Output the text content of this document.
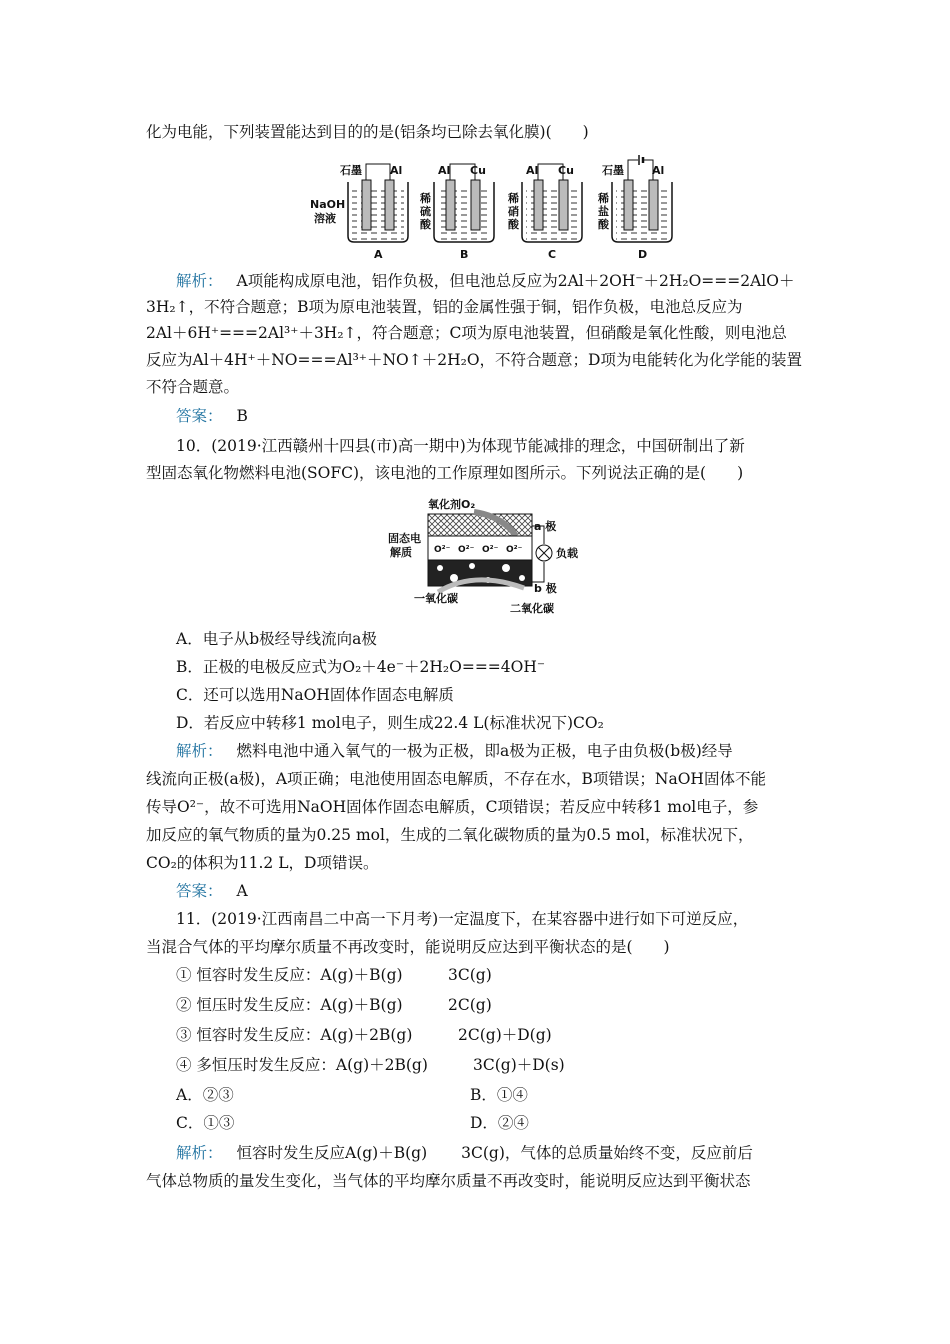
化为电能，下列装置能达到目的的是(铝条均已除去氧化膜)(　　)
石墨	Al
NaOH
溶液
A
Al Cu
稀
硫
酸
B
Al Cu
稀
硝
酸
C
石墨	Al
稀
盐
酸
D
解析： A项能构成原电池，铝作负极，但电池总反应为2Al＋2OH⁻＋2H₂O===2AlO＋
3H₂↑，不符合题意；B项为原电池装置，铝的金属性强于铜，铝作负极，电池总反应为
2Al＋6H⁺===2Al³⁺＋3H₂↑，符合题意；C项为原电池装置，但硝酸是氧化性酸，则电池总
反应为Al＋4H⁺＋NO===Al³⁺＋NO↑＋2H₂O，不符合题意；D项为电能转化为化学能的装置
不符合题意。
答案： B
10．(2019·江西赣州十四县(市)高一期中)为体现节能减排的理念，中国研制出了新
型固态氧化物燃料电池(SOFC)，该电池的工作原理如图所示。下列说法正确的是(　　)
氧化剂O₂
O²⁻ O²⁻ O²⁻ O²⁻
a 极
b 极
负载
固态电
解质
一氧化碳
二氧化碳
A．电子从b极经导线流向a极
B．正极的电极反应式为O₂＋4e⁻＋2H₂O===4OH⁻
C．还可以选用NaOH固体作固态电解质
D．若反应中转移1 mol电子，则生成22.4 L(标准状况下)CO₂
解析： 燃料电池中通入氧气的一极为正极，即a极为正极，电子由负极(b极)经导
线流向正极(a极)，A项正确；电池使用固态电解质，不存在水，B项错误；NaOH固体不能
传导O²⁻，故不可选用NaOH固体作固态电解质，C项错误；若反应中转移1 mol电子，参
加反应的氧气物质的量为0.25 mol，生成的二氧化碳物质的量为0.5 mol，标准状况下，
CO₂的体积为11.2 L，D项错误。
答案： A
11．(2019·江西南昌二中高一下月考)一定温度下，在某容器中进行如下可逆反应，
当混合气体的平均摩尔质量不再改变时，能说明反应达到平衡状态的是(　　)
① 恒容时发生反应：A(g)＋B(g)	3C(g)
② 恒压时发生反应：A(g)＋B(g)	2C(g)
③ 恒容时发生反应：A(g)＋2B(g)	2C(g)＋D(g)
④ 多恒压时发生反应：A(g)＋2B(g)	3C(g)＋D(s)
A．②③	B．①④
C．①③	D．②④
解析： 恒容时发生反应A(g)＋B(g) 3C(g)，气体的总质量始终不变，反应前后
气体总物质的量发生变化，当气体的平均摩尔质量不再改变时，能说明反应达到平衡状态
